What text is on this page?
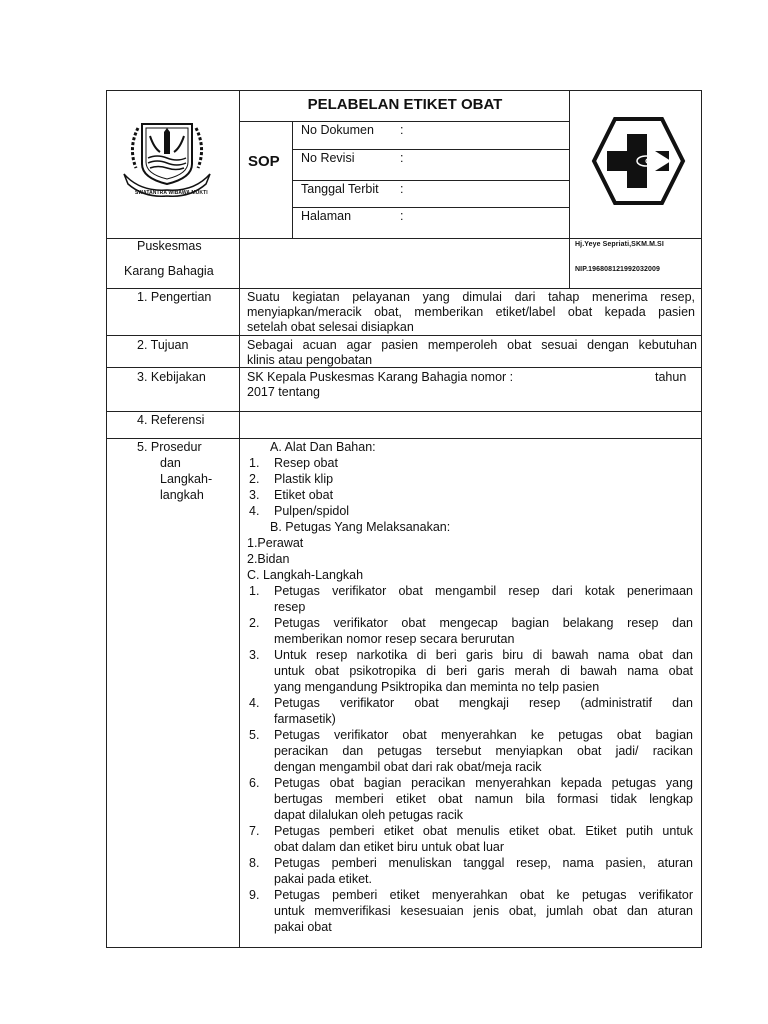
SWATANTRA WIBAWA MUKTI
PELABELAN ETIKET OBAT
SOP
No Dokumen :
No Revisi	:
Tanggal Terbit :
Halaman	:
Puskesmas
Karang Bahagia
Hj.Yeye Sepriati,SKM.M.SI
NIP.196808121992032009
1. Pengertian	Suatu kegiatan pelayanan yang dimulai dari tahap menerima resep,
menyiapkan/meracik obat, memberikan etiket/label obat kepada pasien
setelah obat selesai disiapkan
2. Tujuan	Sebagai acuan agar pasien memperoleh obat sesuai dengan kebutuhan
klinis atau pengobatan
3. Kebijakan	SK Kepala Puskesmas Karang Bahagia nomor :	tahun
2017 tentang
4. Referensi
5. Prosedur
dan
Langkah-
langkah
A. Alat Dan Bahan:
1. Resep obat
2. Plastik klip
3. Etiket obat
4. Pulpen/spidol
B. Petugas Yang Melaksanakan:
1.Perawat
2.Bidan
C. Langkah-Langkah
1. Petugas verifikator obat mengambil resep dari kotak penerimaan
resep
2. Petugas verifikator obat mengecap bagian belakang resep dan
memberikan nomor resep secara berurutan
3. Untuk resep narkotika di beri garis biru di bawah nama obat dan
untuk obat psikotropika di beri garis merah di bawah nama obat
yang mengandung Psiktropika dan meminta no telp pasien
4. Petugas verifikator obat mengkaji resep (administratif dan
farmasetik)
5. Petugas verifikator obat menyerahkan ke petugas obat bagian
peracikan dan petugas tersebut menyiapkan obat jadi/ racikan
dengan mengambil obat dari rak obat/meja racik
6. Petugas obat bagian peracikan menyerahkan kepada petugas yang
bertugas memberi etiket obat namun bila formasi tidak lengkap
dapat dilalukan oleh petugas racik
7. Petugas pemberi etiket obat menulis etiket obat. Etiket putih untuk
obat dalam dan etiket biru untuk obat luar
8. Petugas pemberi menuliskan tanggal resep, nama pasien, aturan
pakai pada etiket.
9. Petugas pemberi etiket menyerahkan obat ke petugas verifikator
untuk memverifikasi kesesuaian jenis obat, jumlah obat dan aturan
pakai obat
